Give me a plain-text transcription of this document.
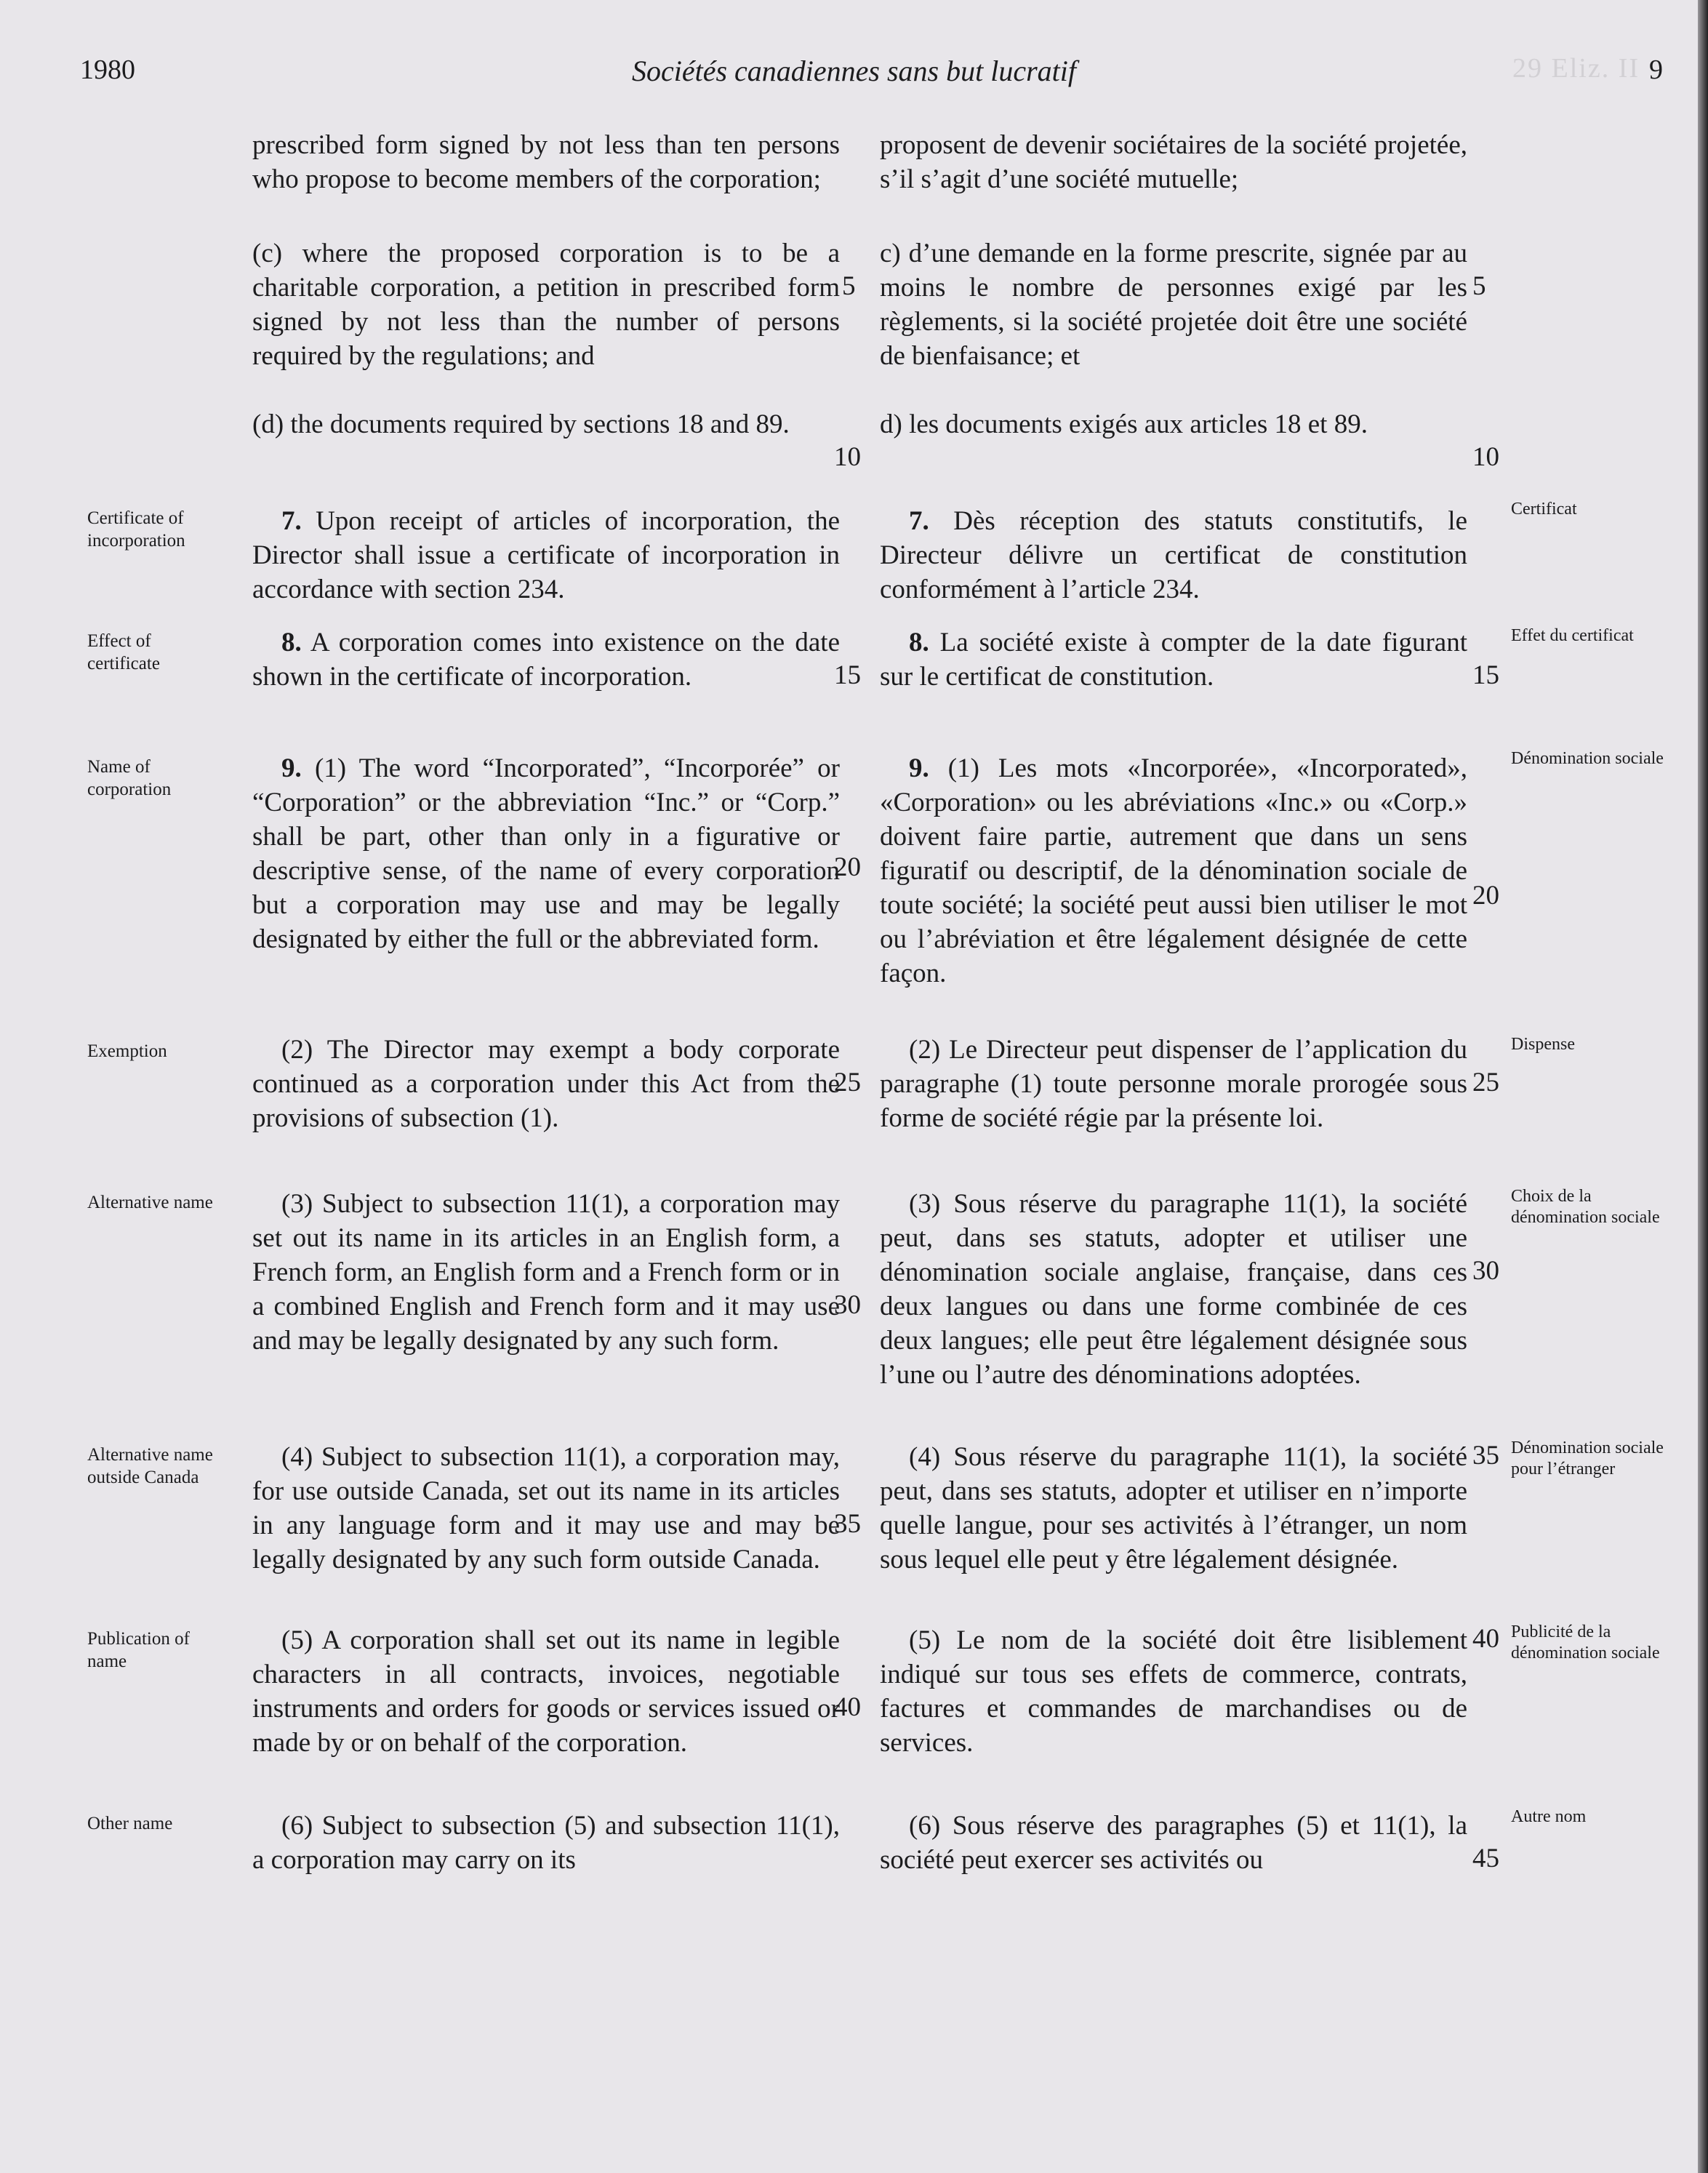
29 Eliz. II
1980	Sociétés canadiennes sans but lucratif	9

prescribed form signed by not less than ten persons who propose to become members of the corporation;

(c) where the proposed corporation is to be a charitable corporation, a petition in prescribed form signed by not less than the number of persons required by the regulations; and

(d) the documents required by sections 18 and 89.

7. Upon receipt of articles of incorporation, the Director shall issue a certificate of incorporation in accordance with section 234.

8. A corporation comes into existence on the date shown in the certificate of incorporation.

9. (1) The word “Incorporated”, “Incorporée” or “Corporation” or the abbreviation “Inc.” or “Corp.” shall be part, other than only in a figurative or descriptive sense, of the name of every corporation but a corporation may use and may be legally designated by either the full or the abbreviated form.

(2) The Director may exempt a body corporate continued as a corporation under this Act from the provisions of subsection (1).

(3) Subject to subsection 11(1), a corporation may set out its name in its articles in an English form, a French form, an English form and a French form or in a combined English and French form and it may use and may be legally designated by any such form.

(4) Subject to subsection 11(1), a corporation may, for use outside Canada, set out its name in its articles in any language form and it may use and may be legally designated by any such form outside Canada.

(5) A corporation shall set out its name in legible characters in all contracts, invoices, negotiable instruments and orders for goods or services issued or made by or on behalf of the corporation.

(6) Subject to subsection (5) and subsection 11(1), a corporation may carry on its

proposent de devenir sociétaires de la société projetée, s’il s’agit d’une société mutuelle;

c) d’une demande en la forme prescrite, signée par au moins le nombre de personnes exigé par les règlements, si la société projetée doit être une société de bienfaisance; et

d) les documents exigés aux articles 18 et 89.

7. Dès réception des statuts constitutifs, le Directeur délivre un certificat de constitution conformément à l’article 234.

8. La société existe à compter de la date figurant sur le certificat de constitution.

9. (1) Les mots «Incorporée», «Incorporated», «Corporation» ou les abréviations «Inc.» ou «Corp.» doivent faire partie, autrement que dans un sens figuratif ou descriptif, de la dénomination sociale de toute société; la société peut aussi bien utiliser le mot ou l’abréviation et être légalement désignée de cette façon.

(2) Le Directeur peut dispenser de l’application du paragraphe (1) toute personne morale prorogée sous forme de société régie par la présente loi.

(3) Sous réserve du paragraphe 11(1), la société peut, dans ses statuts, adopter et utiliser une dénomination sociale anglaise, française, dans ces deux langues ou dans une forme combinée de ces deux langues; elle peut être légalement désignée sous l’une ou l’autre des dénominations adoptées.

(4) Sous réserve du paragraphe 11(1), la société peut, dans ses statuts, adopter et utiliser en n’importe quelle langue, pour ses activités à l’étranger, un nom sous lequel elle peut y être légalement désignée.

(5) Le nom de la société doit être lisiblement indiqué sur tous ses effets de commerce, contrats, factures et commandes de marchandises ou de services.

(6) Sous réserve des paragraphes (5) et 11(1), la société peut exercer ses activités ou

5	5
10	10
15	15
20
20
25	25
30
30
35
35
40
40
45
Certificate of incorporation
Effect of certificate
Name of corporation
Exemption
Alternative name
Alternative name outside Canada
Publication of name
Other name
Certificat
Effet du certificat
Dénomination sociale
Dispense
Choix de la dénomination sociale
Dénomination sociale pour l’étranger
Publicité de la dénomination sociale
Autre nom
